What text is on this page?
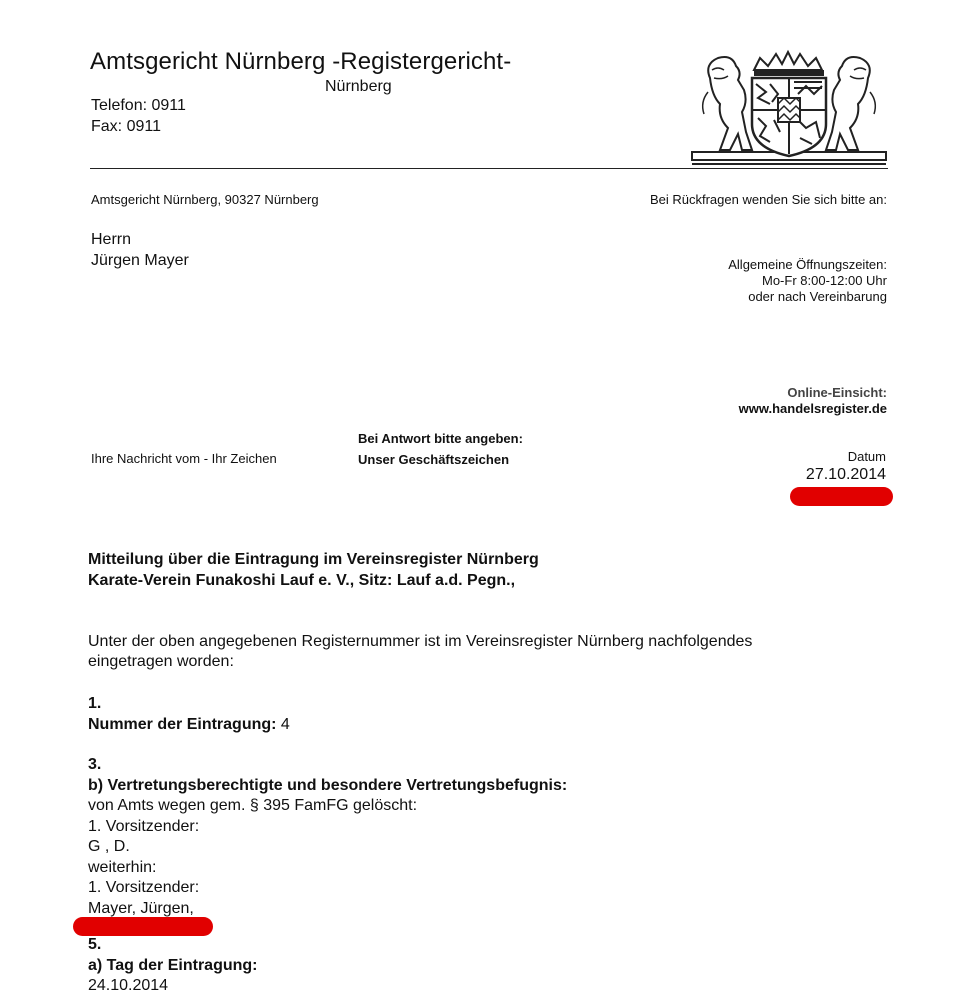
Amtsgericht Nürnberg -Registergericht-
Nürnberg
Telefon: 0911
Fax: 0911
Amtsgericht Nürnberg, 90327 Nürnberg	Bei Rückfragen wenden Sie sich bitte an:
Herrn
Jürgen Mayer	Allgemeine Öffnungszeiten:
Mo-Fr 8:00-12:00 Uhr
oder nach Vereinbarung
Online-Einsicht:
www.handelsregister.de
Bei Antwort bitte angeben:
Ihre Nachricht vom - Ihr Zeichen	Unser Geschäftszeichen	Datum
27.10.2014
Mitteilung über die Eintragung im Vereinsregister Nürnberg
Karate-Verein Funakoshi Lauf e. V., Sitz: Lauf a.d. Pegn.,
Unter der oben angegebenen Registernummer ist im Vereinsregister Nürnberg nachfolgendes
eingetragen worden:
1.
Nummer der Eintragung: 4
3.
b) Vertretungsberechtigte und besondere Vertretungsbefugnis:
von Amts wegen gem. § 395 FamFG gelöscht:
1. Vorsitzender:
G , D.
weiterhin:
1. Vorsitzender:
Mayer, Jürgen,
5.
a) Tag der Eintragung:
24.10.2014
